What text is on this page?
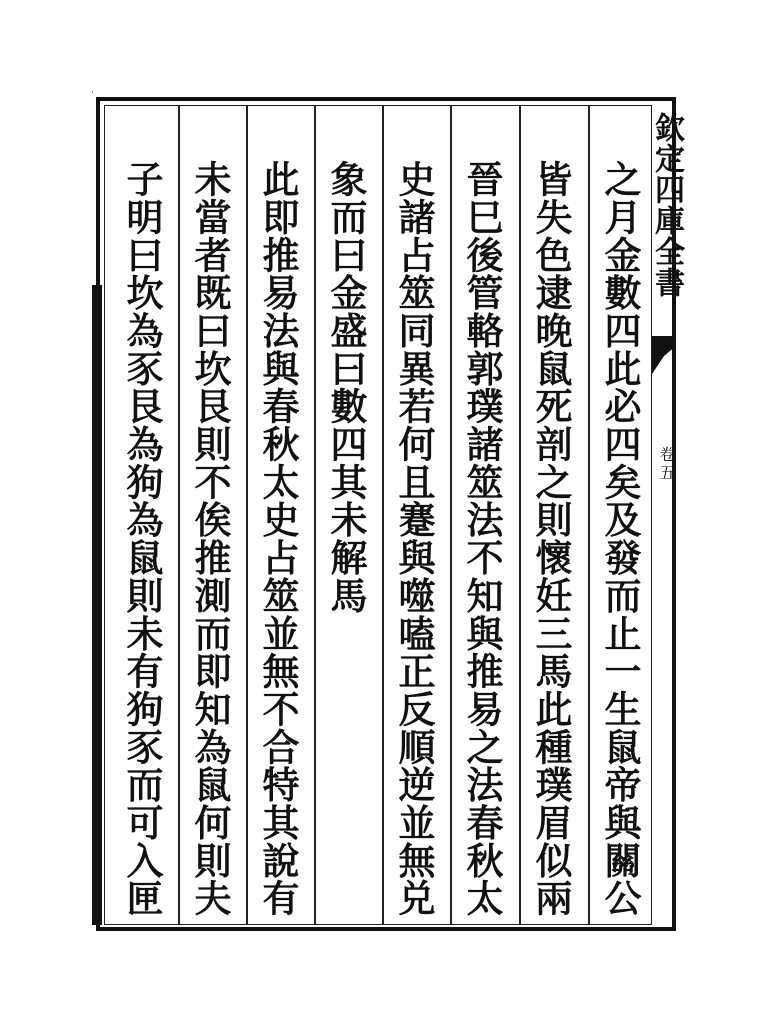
˙
欽定四庫全書
卷五
之月金數四此必四矣及發而止一生鼠帝與關公
皆失色逮晚鼠死剖之則懷妊三馬此種璞眉似兩
晉巳後管輅郭璞諸筮法不知與推易之法春秋太
史諸占筮同異若何且蹇與噬嗑正反順逆並無兑
象而曰金盛曰數四其未解馬
此即推易法與春秋太史占筮並無不合特其說有
未當者既曰坎艮則不俟推測而即知為鼠何則夫
子明曰坎為豕艮為狗為鼠則未有狗豕而可入匣
